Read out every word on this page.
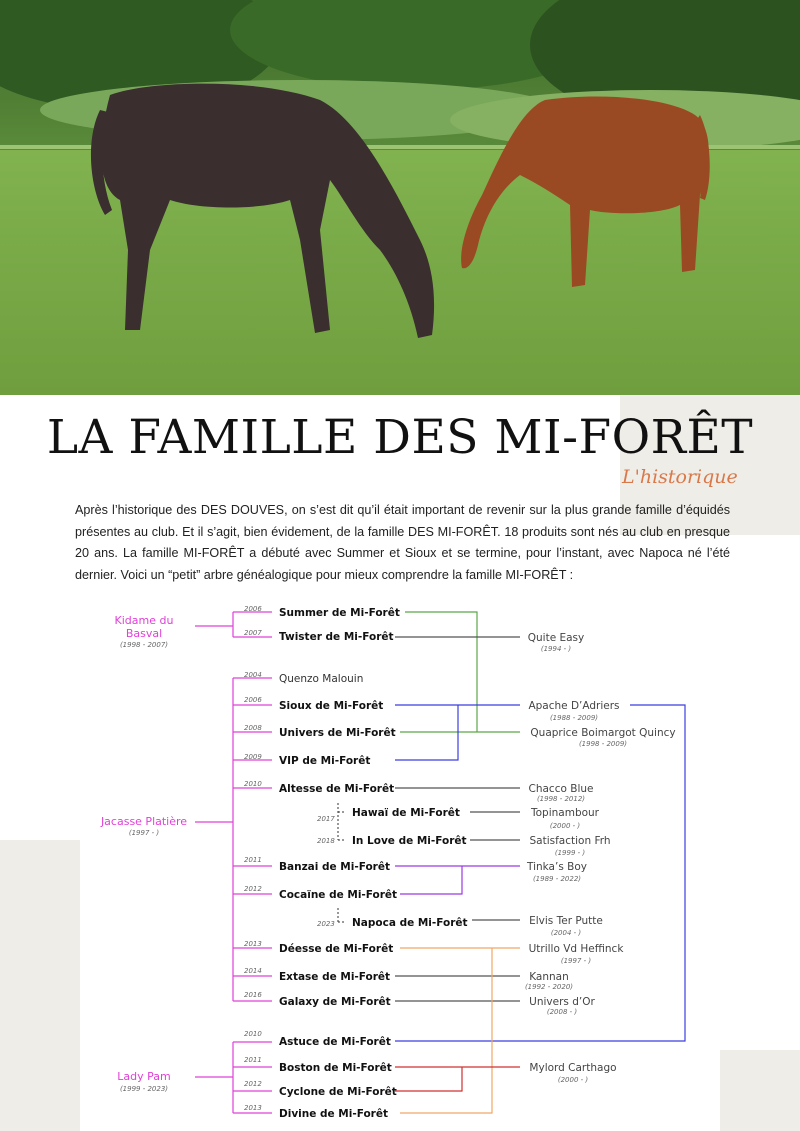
LA FAMILLE DES MI-FORÊT
L'historique

Après l’historique des DES DOUVES, on s’est dit qu’il était important de revenir sur la plus grande famille d’équidés présentes au club. Et il s’agit, bien évidement, de la famille DES MI-FORÊT. 18 produits sont nés au club en presque 20 ans. La famille MI-FORÊT a débuté avec Summer et Sioux et se termine, pour l’instant, avec Napoca né l’été dernier. Voici un “petit” arbre généalogique pour mieux comprendre la famille MI-FORÊT :

Kidame du
Basval
(1998 - 2007)
Jacasse Platière
(1997 - )
Lady Pam
(1999 - 2023)
2006
2007
2004
2006
2008
2009
2010
2017
2018
2011
2012
2023
2013
2014
2016
2010
2011
2012
2013
Summer de Mi-Forêt
Twister de Mi-Forêt
Quenzo Malouin
Sioux de Mi-Forêt
Univers de Mi-Forêt
VIP de Mi-Forêt
Altesse de Mi-Forêt
Hawaï de Mi-Forêt
In Love de Mi-Forêt
Banzai de Mi-Forêt
Cocaïne de Mi-Forêt
Napoca de Mi-Forêt
Déesse de Mi-Forêt
Extase de Mi-Forêt
Galaxy de Mi-Forêt
Astuce de Mi-Forêt
Boston de Mi-Forêt
Cyclone de Mi-Forêt
Divine de Mi-Forêt
Quite Easy
(1994 - )
Apache D’Adriers
(1988 - 2009)
Quaprice Boimargot Quincy
(1998 - 2009)
Chacco Blue
(1998 - 2012)
Topinambour
(2000 - )
Satisfaction Frh
(1999 - )
Tinka’s Boy
(1989 - 2022)
Elvis Ter Putte
(2004 - )
Utrillo Vd Heffinck
(1997 - )
Kannan
(1992 - 2020)
Univers d’Or
(2008 - )
Mylord Carthago
(2000 - )
